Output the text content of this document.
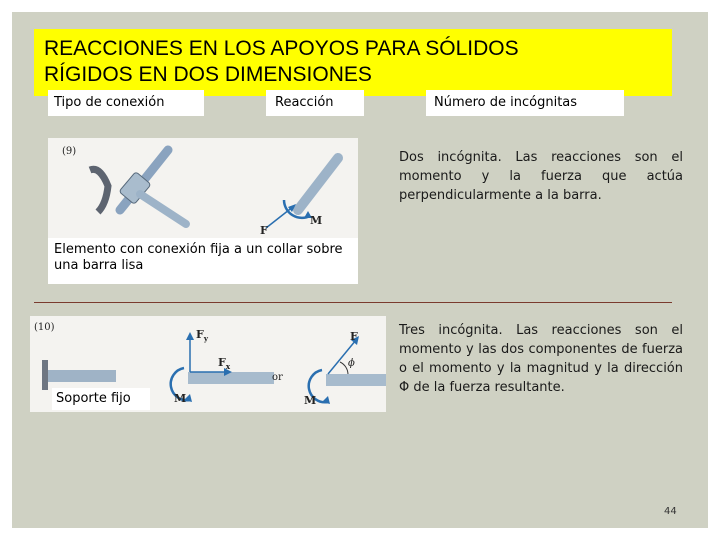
REACCIONES EN LOS APOYOS PARA SÓLIDOS
RÍGIDOS EN DOS DIMENSIONES
Tipo de conexión	Reacción	Número de incógnitas
(9)
F
M
Elemento con conexión fija a un collar sobre una barra lisa
Dos incógnita. Las reacciones son el momento y la fuerza que actúa perpendicularmente a la barra.
(10)
$F_y$
$F_x$
M
or
F
ϕ
M
Soporte fijo
Tres incógnita. Las reacciones son el momento y las dos componentes de fuerza o el momento y la magnitud y la dirección Φ de la fuerza resultante.
44
